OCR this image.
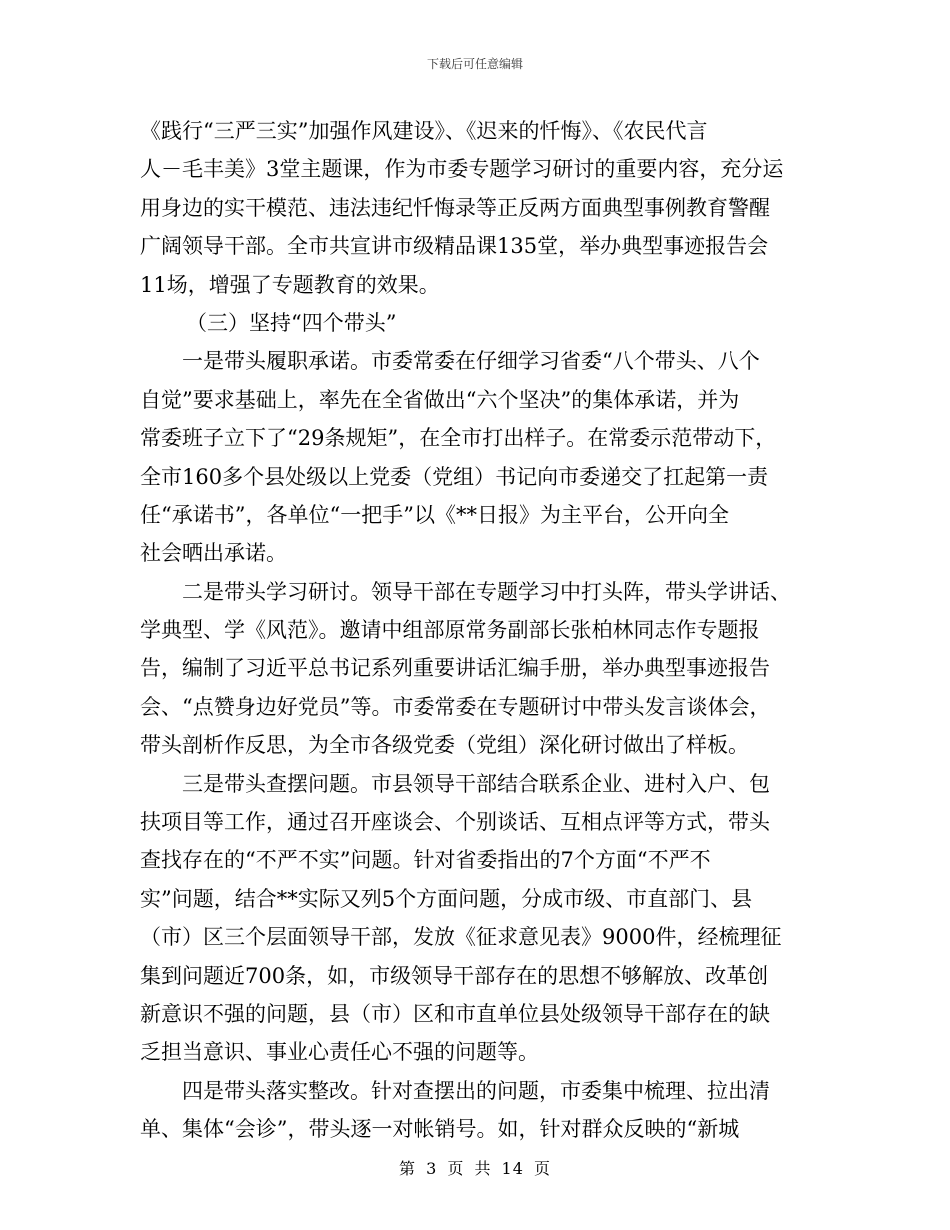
下载后可任意编辑
《践行“三严三实”加强作风建设》、《迟来的忏悔》、《农民代言
人－毛丰美》3堂主题课，作为市委专题学习研讨的重要内容，充分运
用身边的实干模范、违法违纪忏悔录等正反两方面典型事例教育警醒
广阔领导干部。全市共宣讲市级精品课135堂，举办典型事迹报告会
11场，增强了专题教育的效果。
（三）坚持“四个带头”
一是带头履职承诺。市委常委在仔细学习省委“八个带头、八个
自觉”要求基础上，率先在全省做出“六个坚决”的集体承诺，并为
常委班子立下了“29条规矩”，在全市打出样子。在常委示范带动下，
全市160多个县处级以上党委（党组）书记向市委递交了扛起第一责
任“承诺书”，各单位“一把手”以《**日报》为主平台，公开向全
社会晒出承诺。
二是带头学习研讨。领导干部在专题学习中打头阵，带头学讲话、
学典型、学《风范》。邀请中组部原常务副部长张柏林同志作专题报
告，编制了习近平总书记系列重要讲话汇编手册，举办典型事迹报告
会、“点赞身边好党员”等。市委常委在专题研讨中带头发言谈体会，
带头剖析作反思，为全市各级党委（党组）深化研讨做出了样板。
三是带头查摆问题。市县领导干部结合联系企业、进村入户、包
扶项目等工作，通过召开座谈会、个别谈话、互相点评等方式，带头
查找存在的“不严不实”问题。针对省委指出的7个方面“不严不
实”问题，结合**实际又列5个方面问题，分成市级、市直部门、县
（市）区三个层面领导干部，发放《征求意见表》9000件，经梳理征
集到问题近700条，如，市级领导干部存在的思想不够解放、改革创
新意识不强的问题，县（市）区和市直单位县处级领导干部存在的缺
乏担当意识、事业心责任心不强的问题等。
四是带头落实整改。针对查摆出的问题，市委集中梳理、拉出清
单、集体“会诊”，带头逐一对帐销号。如，针对群众反映的“新城
第 3 页 共 14 页
